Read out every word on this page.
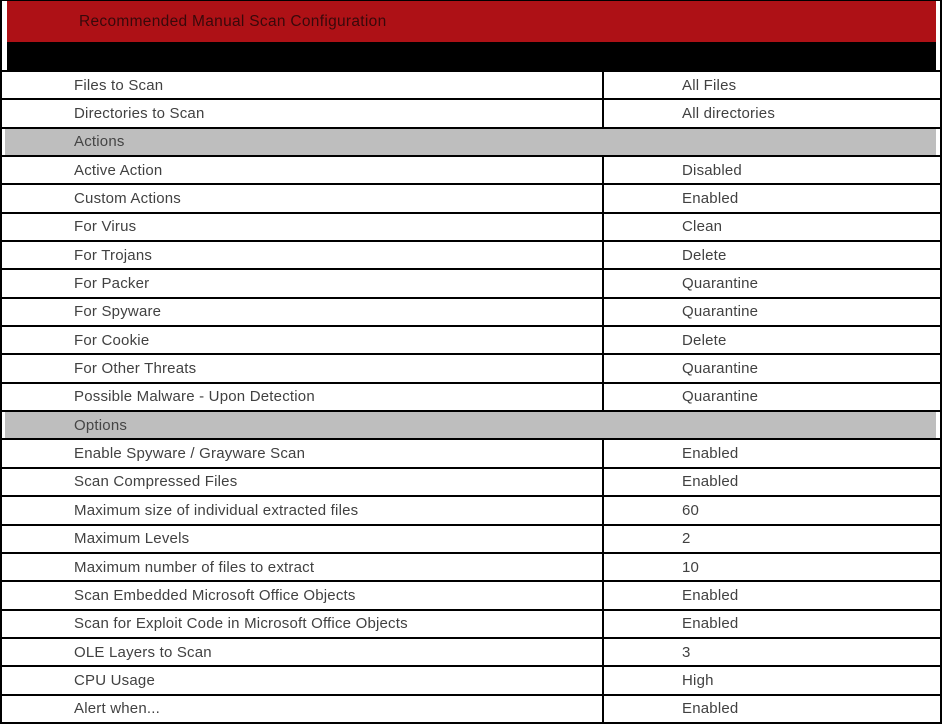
Recommended Manual Scan Configuration
Files to Scan	All Files
Directories to Scan	All directories
Actions
Active Action	Disabled
Custom Actions	Enabled
For Virus	Clean
For Trojans	Delete
For Packer	Quarantine
For Spyware	Quarantine
For Cookie	Delete
For Other Threats	Quarantine
Possible Malware - Upon Detection	Quarantine
Options
Enable Spyware / Grayware Scan	Enabled
Scan Compressed Files	Enabled
Maximum size of individual extracted files	60
Maximum Levels	2
Maximum number of files to extract	10
Scan Embedded Microsoft Office Objects	Enabled
Scan for Exploit Code in Microsoft Office Objects	Enabled
OLE Layers to Scan	3
CPU Usage	High
Alert when...	Enabled
